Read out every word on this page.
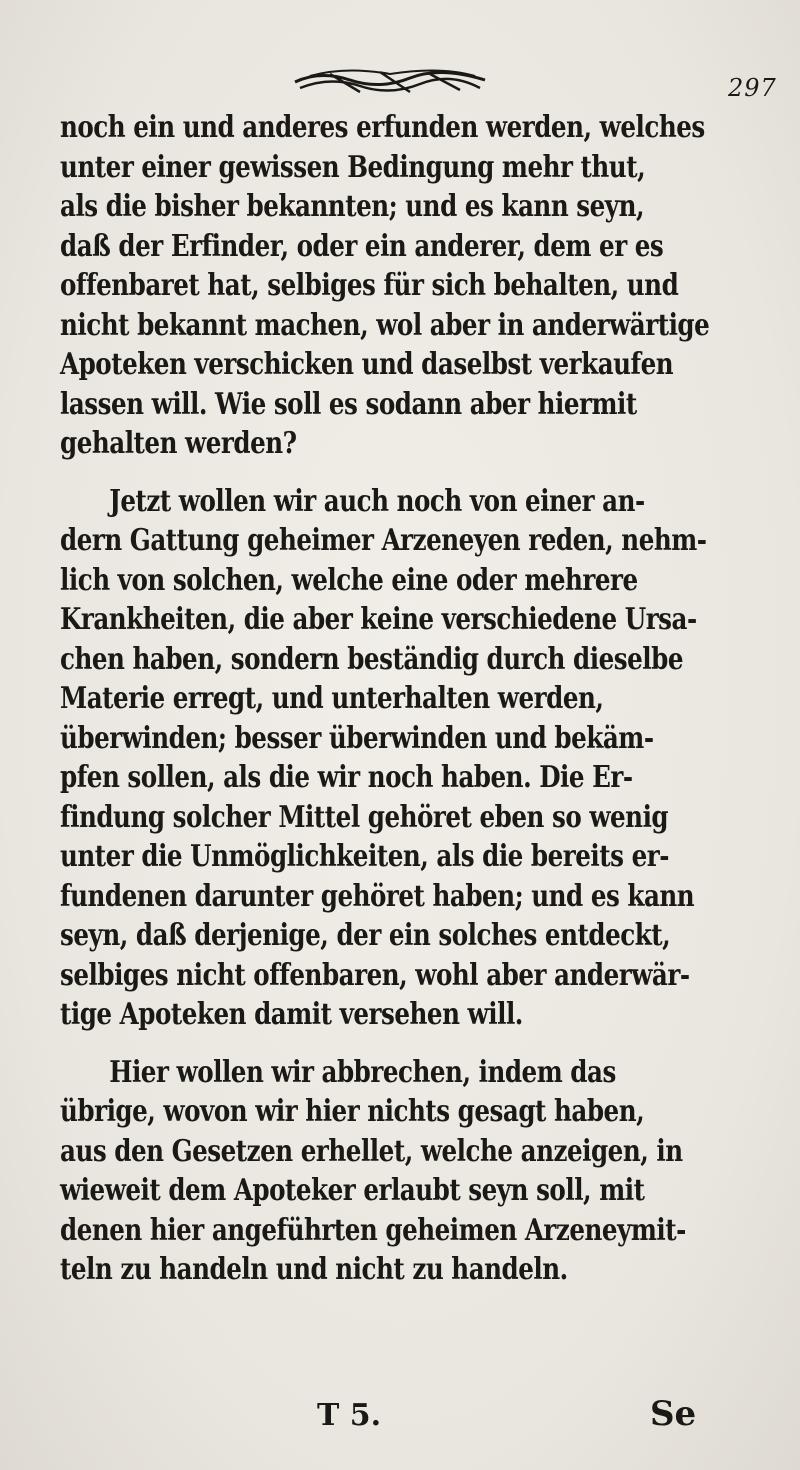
297
noch ein und anderes erfunden werden, welches
unter einer gewissen Bedingung mehr thut,
als die bisher bekannten; und es kann seyn,
daß der Erfinder, oder ein anderer, dem er es
offenbaret hat, selbiges für sich behalten, und
nicht bekannt machen, wol aber in anderwärtige
Apoteken verschicken und daselbst verkaufen
lassen will. Wie soll es sodann aber hiermit
gehalten werden?
Jetzt wollen wir auch noch von einer an-
dern Gattung geheimer Arzeneyen reden, nehm-
lich von solchen, welche eine oder mehrere
Krankheiten, die aber keine verschiedene Ursa-
chen haben, sondern beständig durch dieselbe
Materie erregt, und unterhalten werden,
überwinden; besser überwinden und bekäm-
pfen sollen, als die wir noch haben. Die Er-
findung solcher Mittel gehöret eben so wenig
unter die Unmöglichkeiten, als die bereits er-
fundenen darunter gehöret haben; und es kann
seyn, daß derjenige, der ein solches entdeckt,
selbiges nicht offenbaren, wohl aber anderwär-
tige Apoteken damit versehen will.
Hier wollen wir abbrechen, indem das
übrige, wovon wir hier nichts gesagt haben,
aus den Gesetzen erhellet, welche anzeigen, in
wieweit dem Apoteker erlaubt seyn soll, mit
denen hier angeführten geheimen Arzeneymit-
teln zu handeln und nicht zu handeln.
T 5.	Se
